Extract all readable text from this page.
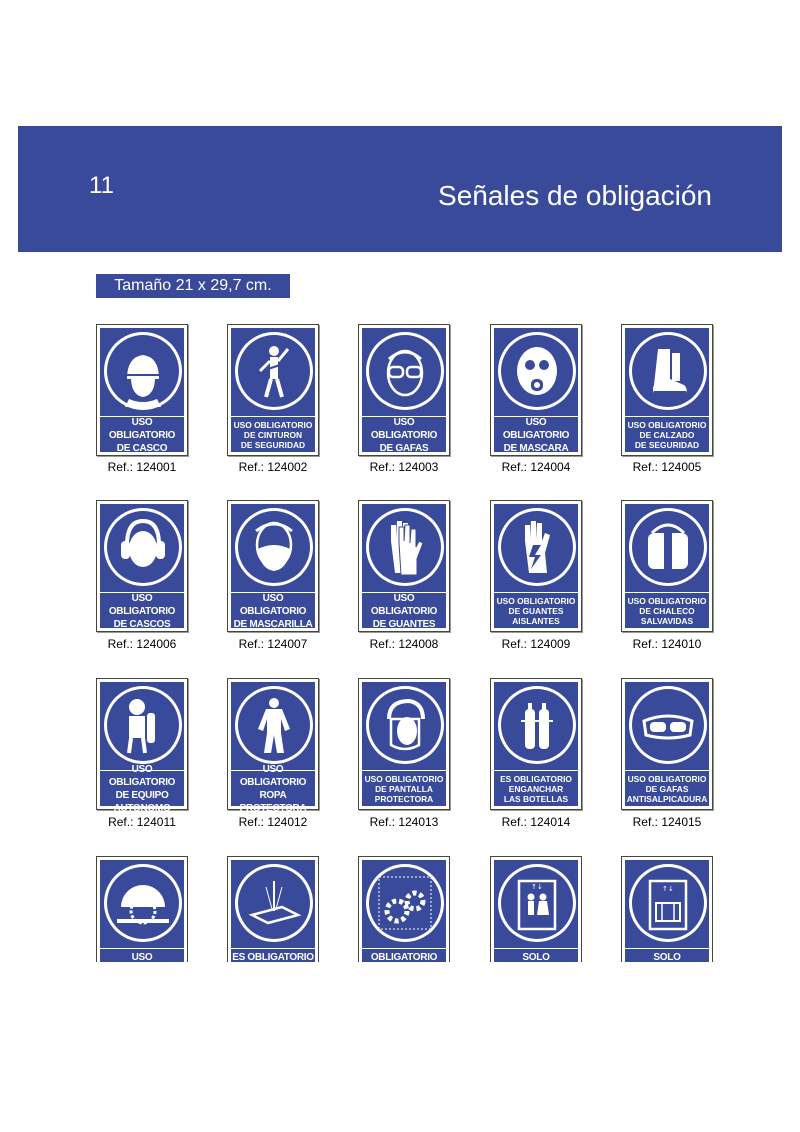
11	Señales de obligación
Tamaño 21 x 29,7 cm.
USO OBLIGATORIO
DE CASCO
Ref.: 124001
USO OBLIGATORIO
DE CINTURON
DE SEGURIDAD
Ref.: 124002
USO OBLIGATORIO
DE GAFAS
Ref.: 124003
USO OBLIGATORIO
DE MASCARA
Ref.: 124004
USO OBLIGATORIO
DE CALZADO
DE SEGURIDAD
Ref.: 124005
USO OBLIGATORIO
DE CASCOS
Ref.: 124006
USO OBLIGATORIO
DE MASCARILLA
Ref.: 124007
USO OBLIGATORIO
DE GUANTES
Ref.: 124008
USO OBLIGATORIO
DE GUANTES
AISLANTES
Ref.: 124009
USO OBLIGATORIO
DE CHALECO
SALVAVIDAS
Ref.: 124010
USO OBLIGATORIO
DE EQUIPO AUTONOMO
Ref.: 124011
USO OBLIGATORIO
ROPA PROTECTORA
Ref.: 124012
USO OBLIGATORIO
DE PANTALLA
PROTECTORA
Ref.: 124013
ES OBLIGATORIO
ENGANCHAR
LAS BOTELLAS
Ref.: 124014
USO OBLIGATORIO
DE GAFAS
ANTISALPICADURA
Ref.: 124015
USO OBLIGATORIO
ES OBLIGATORIO	OBLIGATORIO DE
↑↓
SOLO
↑↓
SOLO
